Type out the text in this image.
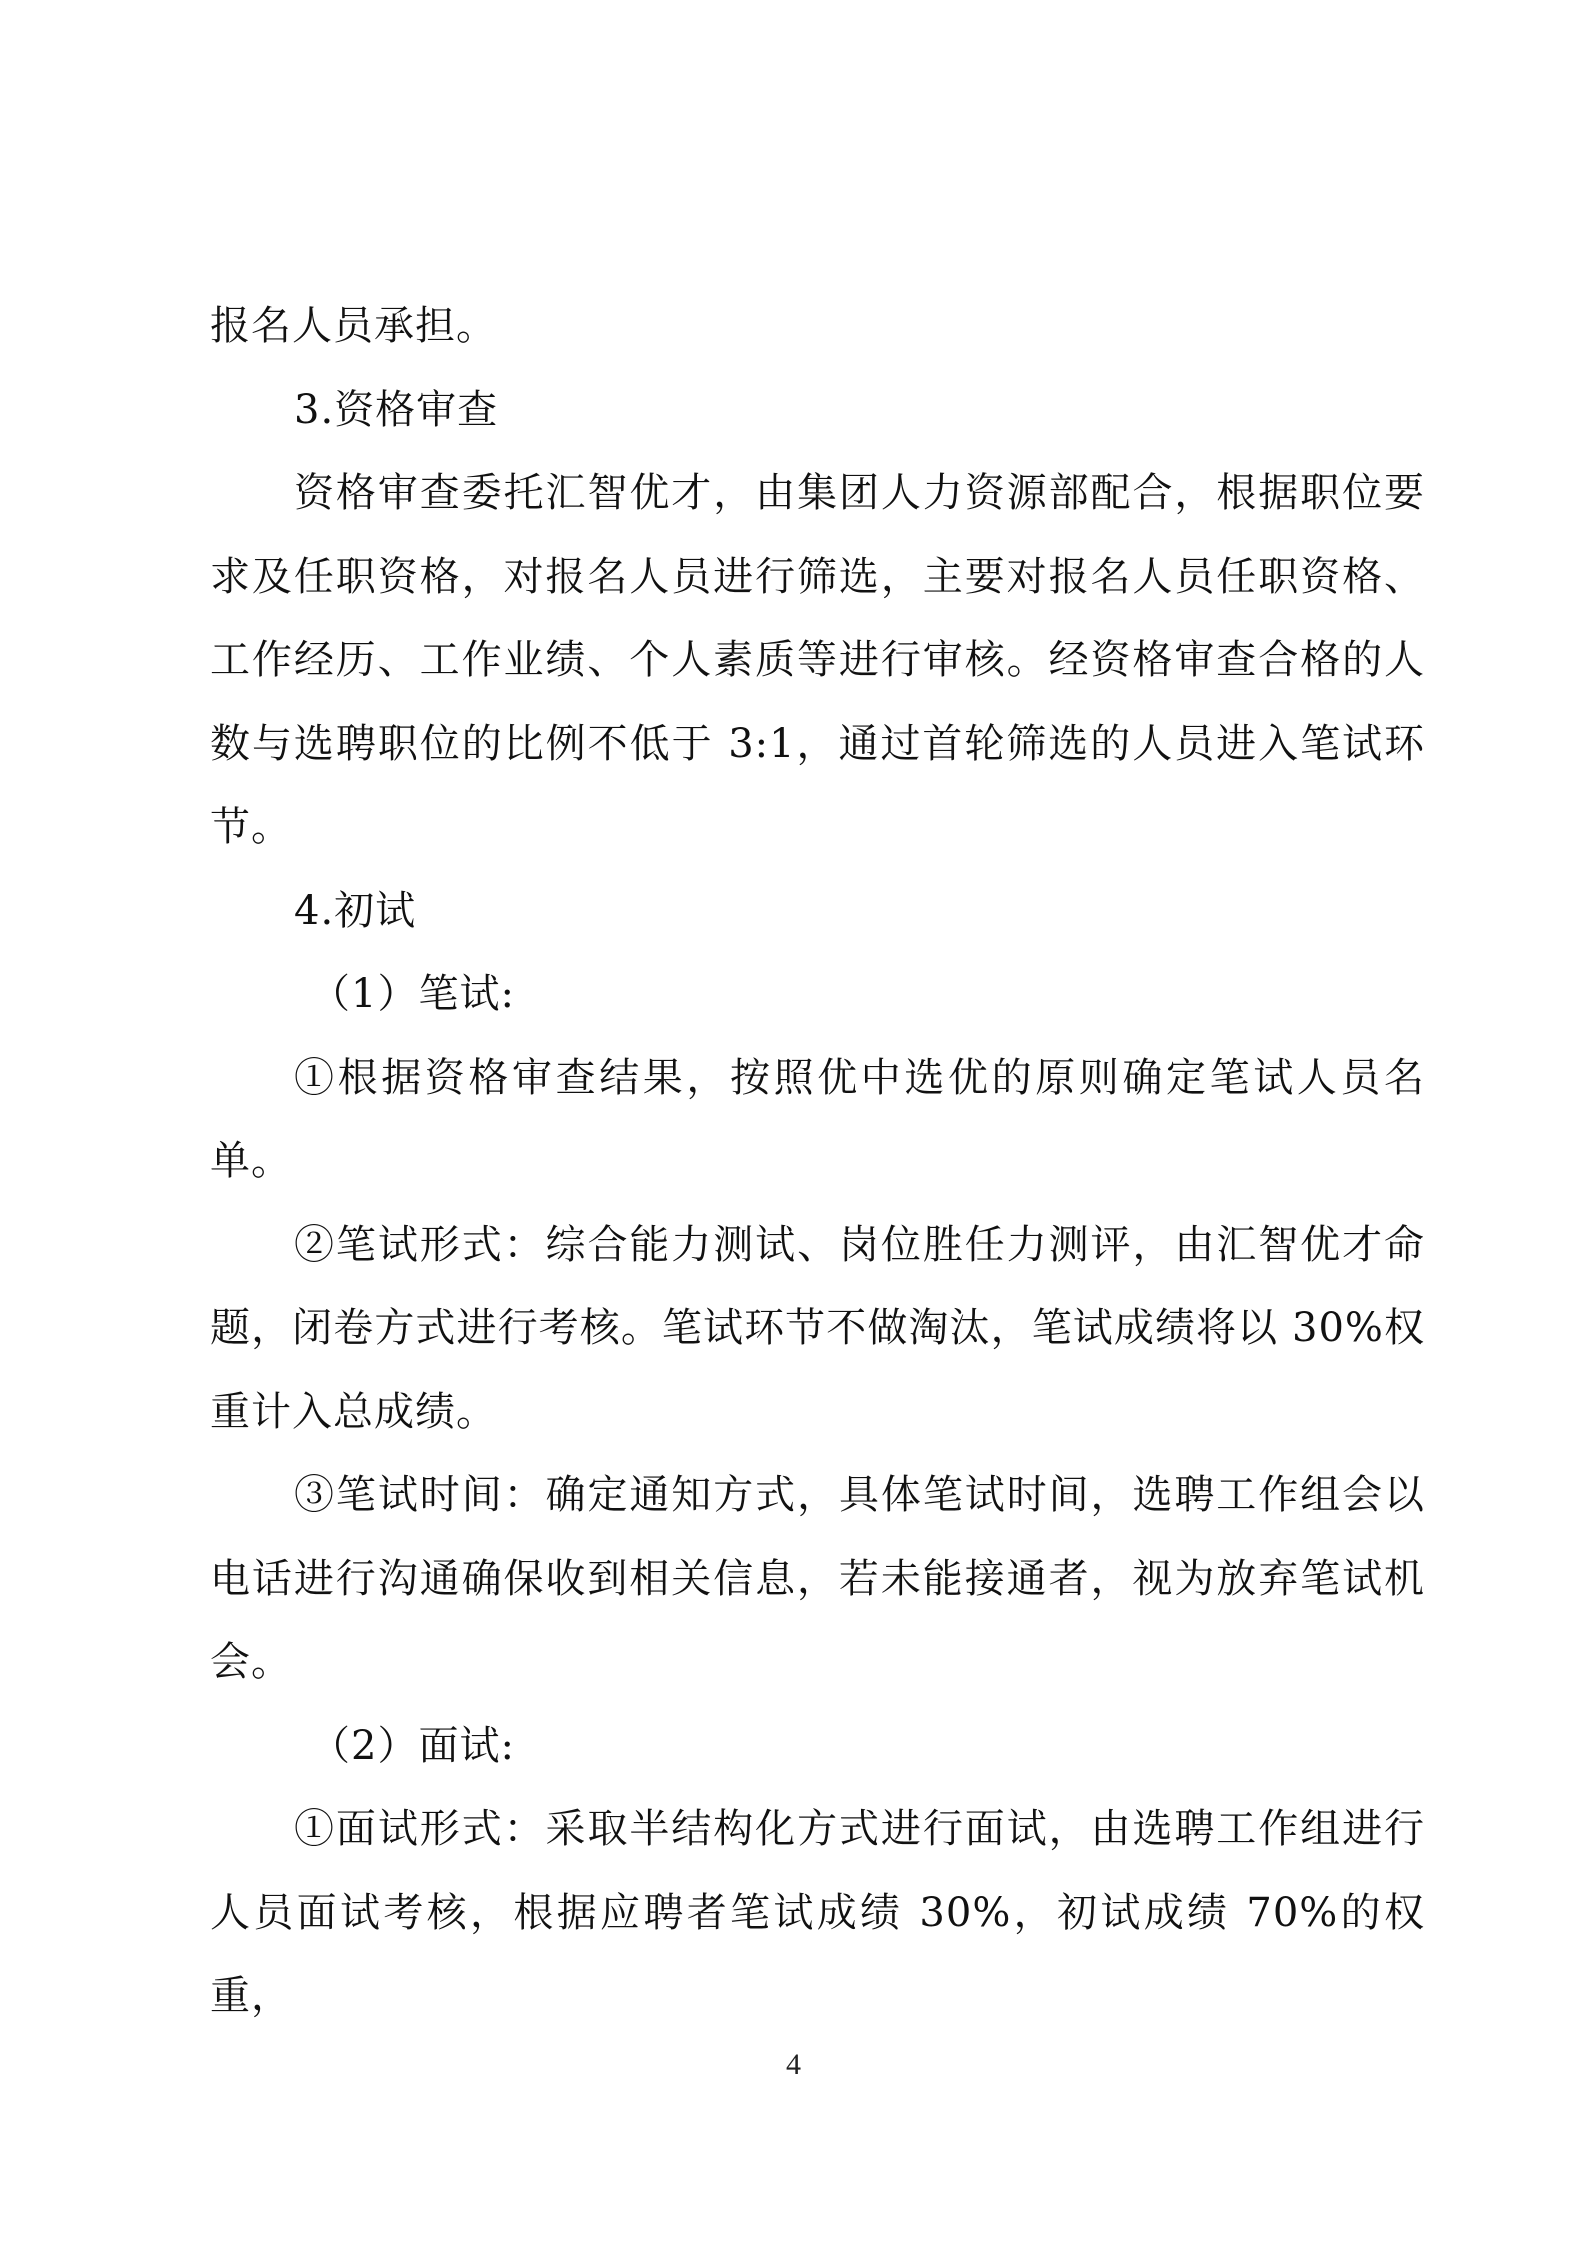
报名人员承担。

3.资格审查

资格审查委托汇智优才，由集团人力资源部配合，根据职位要求及任职资格，对报名人员进行筛选，主要对报名人员任职资格、工作经历、工作业绩、个人素质等进行审核。经资格审查合格的人数与选聘职位的比例不低于 3:1，通过首轮筛选的人员进入笔试环节。

4.初试

（1）笔试:

①根据资格审查结果，按照优中选优的原则确定笔试人员名单。

②笔试形式：综合能力测试、岗位胜任力测评，由汇智优才命题，闭卷方式进行考核。笔试环节不做淘汰，笔试成绩将以 30%权重计入总成绩。

③笔试时间：确定通知方式，具体笔试时间，选聘工作组会以电话进行沟通确保收到相关信息，若未能接通者，视为放弃笔试机会。

（2）面试:

①面试形式：采取半结构化方式进行面试，由选聘工作组进行人员面试考核，根据应聘者笔试成绩 30%，初试成绩 70%的权重，

4
